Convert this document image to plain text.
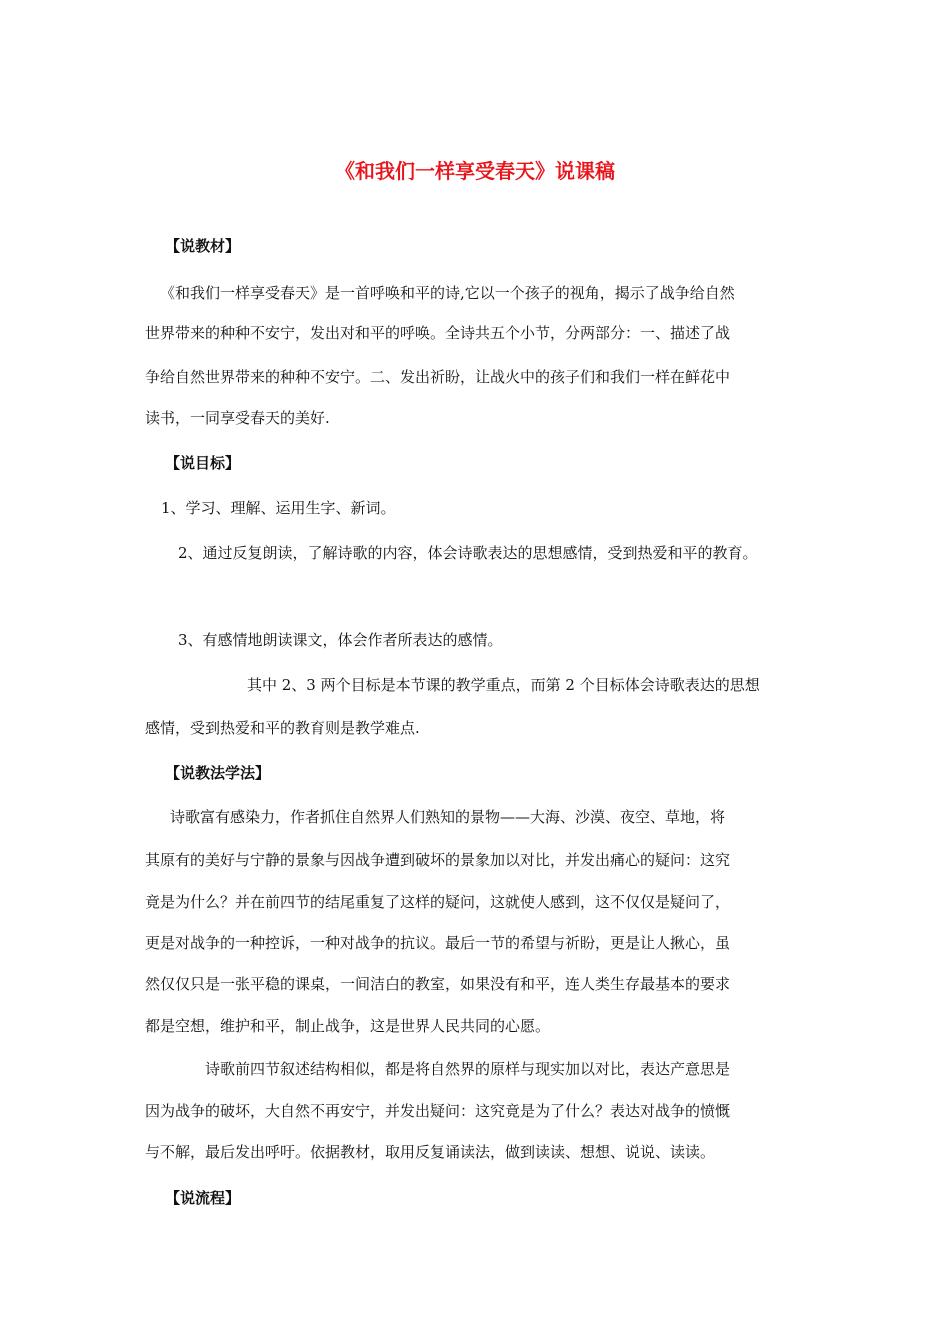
《和我们一样享受春天》说课稿
【说教材】
《和我们一样享受春天》是一首呼唤和平的诗,它以一个孩子的视角，揭示了战争给自然
世界带来的种种不安宁，发出对和平的呼唤。全诗共五个小节，分两部分：一、描述了战
争给自然世界带来的种种不安宁。二、发出祈盼，让战火中的孩子们和我们一样在鲜花中
读书，一同享受春天的美好.
【说目标】
1、学习、理解、运用生字、新词。
2、通过反复朗读，了解诗歌的内容，体会诗歌表达的思想感情，受到热爱和平的教育。
3、有感情地朗读课文，体会作者所表达的感情。
其中 2、3 两个目标是本节课的教学重点，而第 2 个目标体会诗歌表达的思想
感情，受到热爱和平的教育则是教学难点.
【说教法学法】
诗歌富有感染力，作者抓住自然界人们熟知的景物——大海、沙漠、夜空、草地，将
其原有的美好与宁静的景象与因战争遭到破坏的景象加以对比，并发出痛心的疑问：这究
竟是为什么？并在前四节的结尾重复了这样的疑问，这就使人感到，这不仅仅是疑问了，
更是对战争的一种控诉，一种对战争的抗议。最后一节的希望与祈盼，更是让人揪心，虽
然仅仅只是一张平稳的课桌，一间洁白的教室，如果没有和平，连人类生存最基本的要求
都是空想，维护和平，制止战争，这是世界人民共同的心愿。
诗歌前四节叙述结构相似，都是将自然界的原样与现实加以对比，表达产意思是
因为战争的破坏，大自然不再安宁，并发出疑问：这究竟是为了什么？表达对战争的愤慨
与不解，最后发出呼吁。依据教材，取用反复诵读法，做到读读、想想、说说、读读。
【说流程】
